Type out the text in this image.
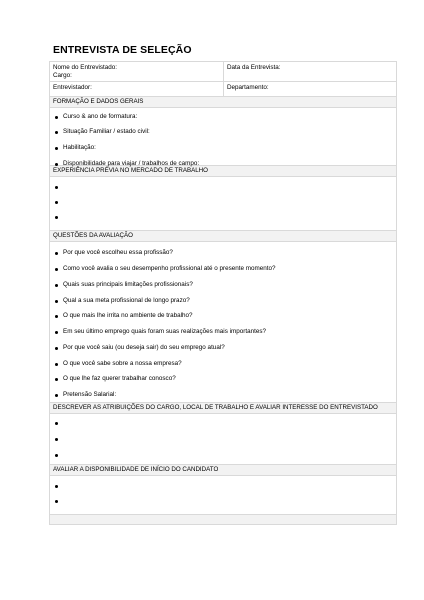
ENTREVISTA DE SELEÇÃO
Nome do Entrevistado:
Cargo:
Data da Entrevista:
Entrevistador:	Departamento:
FORMAÇÃO E DADOS GERAIS
Curso & ano de formatura:
Situação Familiar / estado civil:
Habilitação:
Disponibilidade para viajar / trabalhos de campo:
EXPERIÊNCIA PRÉVIA NO MERCADO DE TRABALHO
QUESTÕES DA AVALIAÇÃO
Por que você escolheu essa profissão?
Como você avalia o seu desempenho profissional até o presente momento?
Quais suas principais limitações profissionais?
Qual a sua meta profissional de longo prazo?
O que mais lhe irrita no ambiente de trabalho?
Em seu último emprego quais foram suas realizações mais importantes?
Por que você saiu (ou deseja sair) do seu emprego atual?
O que você sabe sobre a nossa empresa?
O que lhe faz querer trabalhar conosco?
Pretensão Salarial:
DESCREVER AS ATRIBUIÇÕES DO CARGO, LOCAL DE TRABALHO E AVALIAR INTERESSE DO ENTREVISTADO
AVALIAR A DISPONIBILIDADE DE INÍCIO DO CANDIDATO
